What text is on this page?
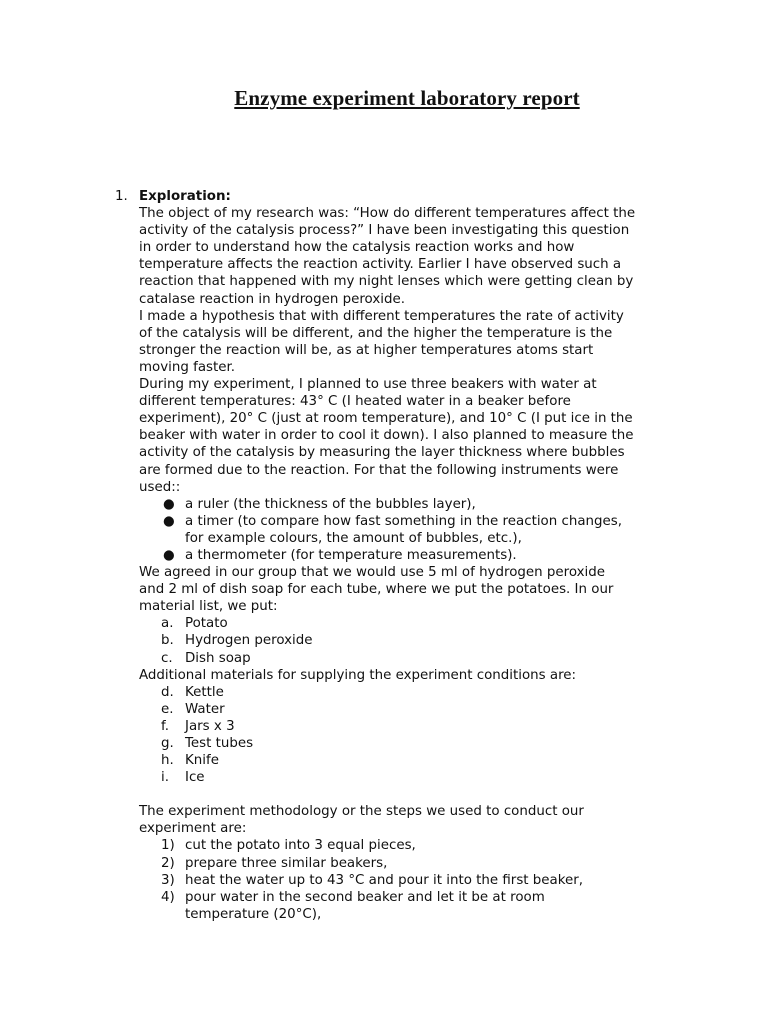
Enzyme experiment laboratory report
1. Exploration:
The object of my research was: “How do different temperatures affect the
activity of the catalysis process?” I have been investigating this question
in order to understand how the catalysis reaction works and how
temperature affects the reaction activity. Earlier I have observed such a
reaction that happened with my night lenses which were getting clean by
catalase reaction in hydrogen peroxide.
I made a hypothesis that with different temperatures the rate of activity
of the catalysis will be different, and the higher the temperature is the
stronger the reaction will be, as at higher temperatures atoms start
moving faster.
During my experiment, I planned to use three beakers with water at
different temperatures: 43° C (I heated water in a beaker before
experiment), 20° C (just at room temperature), and 10° C (I put ice in the
beaker with water in order to cool it down). I also planned to measure the
activity of the catalysis by measuring the layer thickness where bubbles
are formed due to the reaction. For that the following instruments were
used::
● a ruler (the thickness of the bubbles layer),
● a timer (to compare how fast something in the reaction changes,
for example colours, the amount of bubbles, etc.),
● a thermometer (for temperature measurements).
We agreed in our group that we would use 5 ml of hydrogen peroxide
and 2 ml of dish soap for each tube, where we put the potatoes. In our
material list, we put:
a. Potato
b. Hydrogen peroxide
c. Dish soap
Additional materials for supplying the experiment conditions are:
d. Kettle
e. Water
f. Jars x 3
g. Test tubes
h. Knife
i. Ice
The experiment methodology or the steps we used to conduct our
experiment are:
1) cut the potato into 3 equal pieces,
2) prepare three similar beakers,
3) heat the water up to 43 °C and pour it into the first beaker,
4) pour water in the second beaker and let it be at room
temperature (20°C),
